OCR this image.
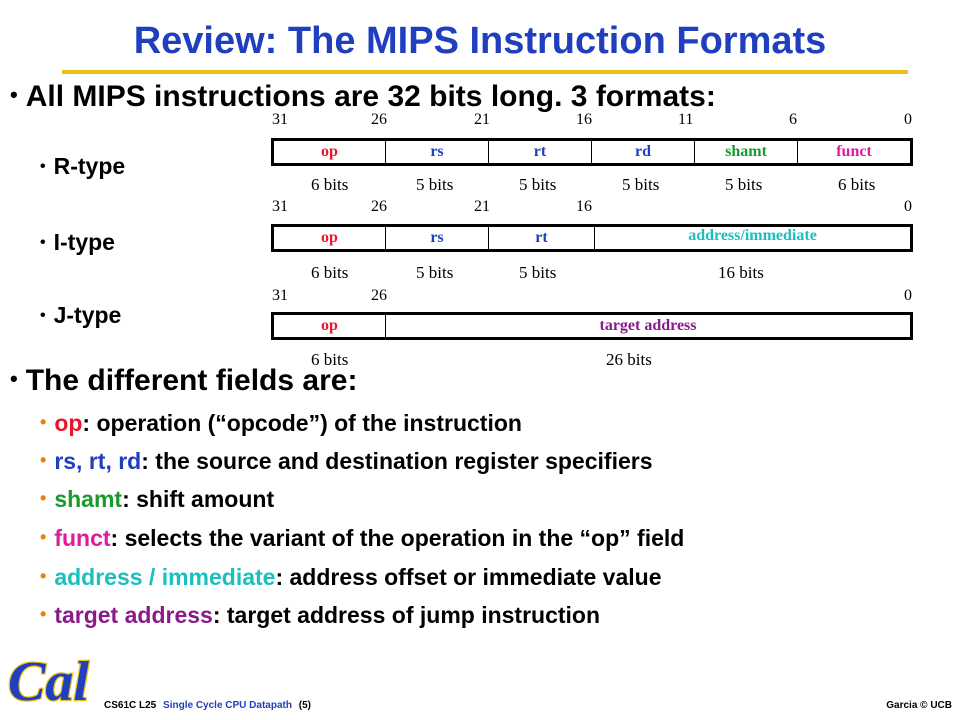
Review: The MIPS Instruction Formats
• All MIPS instructions are 32 bits long. 3 formats:
• R-type
• I-type
• J-type
31	26	21	16	11	6	0
op	rs	rt	rd	shamt	funct
6 bits	5 bits	5 bits	5 bits	5 bits	6 bits
31	26	21	16	0
op	rs	rt	address/immediate
6 bits	5 bits	5 bits	16 bits
31	26	0
op	target address
6 bits	26 bits
• The different fields are:
• op: operation (“opcode”) of the instruction
• rs, rt, rd: the source and destination register specifiers
• shamt: shift amount
• funct: selects the variant of the operation in the “op” field
• address / immediate: address offset or immediate value
• target address: target address of jump instruction
Cal CS61C L25 Single Cycle CPU Datapath (5)	Garcia © UCB
